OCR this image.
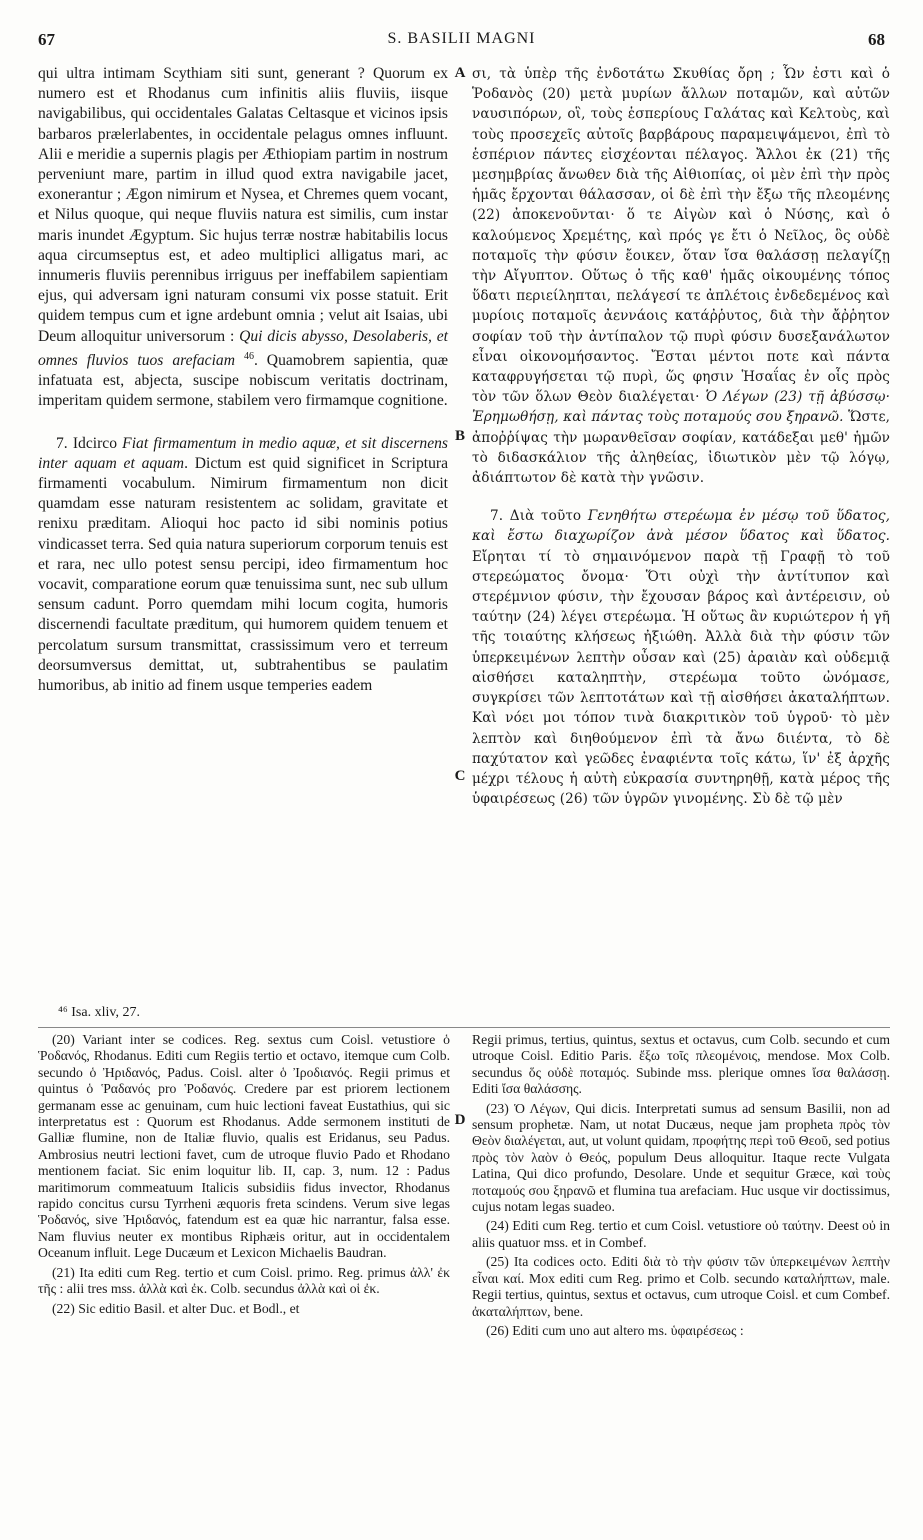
67	S. BASILII MAGNI	68

qui ultra intimam Scythiam siti sunt, generant ? Quorum ex numero est et Rhodanus cum infinitis aliis fluviis, iisque navigabilibus, qui occidentales Galatas Celtasque et vicinos ipsis barbaros prælerlabentes, in occidentale pelagus omnes influunt. Alii e meridie a supernis plagis per Æthiopiam partim in nostrum perveniunt mare, partim in illud quod extra navigabile jacet, exonerantur ; Ægon nimirum et Nysea, et Chremes quem vocant, et Nilus quoque, qui neque fluviis natura est similis, cum instar maris inundet Ægyptum. Sic hujus terræ nostræ habitabilis locus aqua circumseptus est, et adeo multiplici alligatus mari, ac innumeris fluviis perennibus irriguus per ineffabilem sapientiam ejus, qui adversam igni naturam consumi vix posse statuit. Erit quidem tempus cum et igne ardebunt omnia ; velut ait Isaias, ubi Deum alloquitur universorum : Qui dicis abysso, Desolaberis, et omnes fluvios tuos arefaciam $^{46}$. Quamobrem sapientia, quæ infatuata est, abjecta, suscipe nobiscum veritatis doctrinam, imperitam quidem sermone, stabilem vero firmamque cognitione.

7. Idcirco Fiat firmamentum in medio aquæ, et sit discernens inter aquam et aquam. Dictum est quid significet in Scriptura firmamenti vocabulum. Nimirum firmamentum non dicit quamdam esse naturam resistentem ac solidam, gravitate et renixu præditam. Alioqui hoc pacto id sibi nominis potius vindicasset terra. Sed quia natura superiorum corporum tenuis est et rara, nec ullo potest sensu percipi, ideo firmamentum hoc vocavit, comparatione eorum quæ tenuissima sunt, nec sub ullum sensum cadunt. Porro quemdam mihi locum cogita, humoris discernendi facultate præditum, qui humorem quidem tenuem et percolatum sursum transmittat, crassissimum vero et terreum deorsumversus demittat, ut, subtrahentibus se paulatim humoribus, ab initio ad finem usque temperies eadem

σι, τὰ ὑπὲρ τῆς ἐνδοτάτω Σκυθίας ὄρη ; Ὧν ἐστι καὶ ὁ Ῥοδανὸς (20) μετὰ μυρίων ἄλλων ποταμῶν, καὶ αὐτῶν ναυσιπόρων, οἳ, τοὺς ἑσπερίους Γαλάτας καὶ Κελτοὺς, καὶ τοὺς προσεχεῖς αὐτοῖς βαρβάρους παραμειψάμενοι, ἐπὶ τὸ ἑσπέριον πάντες εἰσχέονται πέλαγος. Ἄλλοι ἐκ (21) τῆς μεσημβρίας ἄνωθεν διὰ τῆς Αἰθιοπίας, οἱ μὲν ἐπὶ τὴν πρὸς ἡμᾶς ἔρχονται θάλασσαν, οἱ δὲ ἐπὶ τὴν ἔξω τῆς πλεομένης (22) ἀποκενοῦνται· ὅ τε Αἰγὼν καὶ ὁ Νύσης, καὶ ὁ καλούμενος Χρεμέτης, καὶ πρός γε ἔτι ὁ Νεῖλος, ὃς οὐδὲ ποταμοῖς τὴν φύσιν ἔοικεν, ὅταν ἴσα θαλάσσῃ πελαγίζῃ τὴν Αἴγυπτον. Οὕτως ὁ τῆς καθ' ἡμᾶς οἰκουμένης τόπος ὕδατι περιείληπται, πελάγεσί τε ἀπλέτοις ἐνδεδεμένος καὶ μυρίοις ποταμοῖς ἀεννάοις κατάῤῥυτος, διὰ τὴν ἄῤῥητον σοφίαν τοῦ τὴν ἀντίπαλον τῷ πυρὶ φύσιν δυσεξανάλωτον εἶναι οἰκονομήσαντος. Ἔσται μέντοι ποτε καὶ πάντα καταφρυγήσεται τῷ πυρὶ, ὥς φησιν Ἡσαΐας ἐν οἷς πρὸς τὸν τῶν ὅλων Θεὸν διαλέγεται· Ὁ Λέγων (23) τῇ ἀβύσσῳ· Ἐρημωθήσῃ, καὶ πάντας τοὺς ποταμούς σου ξηρανῶ. Ὥστε, ἀποῤῥίψας τὴν μωρανθεῖσαν σοφίαν, κατάδεξαι μεθ' ἡμῶν τὸ διδασκάλιον τῆς ἀληθείας, ἰδιωτικὸν μὲν τῷ λόγῳ, ἀδιάπτωτον δὲ κατὰ τὴν γνῶσιν.

7. Διὰ τοῦτο Γενηθήτω στερέωμα ἐν μέσῳ τοῦ ὕδατος, καὶ ἔστω διαχωρίζον ἀνὰ μέσον ὕδατος καὶ ὕδατος. Εἴρηται τί τὸ σημαινόμενον παρὰ τῇ Γραφῇ τὸ τοῦ στερεώματος ὄνομα· Ὅτι οὐχὶ τὴν ἀντίτυπον καὶ στερέμνιον φύσιν, τὴν ἔχουσαν βάρος καὶ ἀντέρεισιν, οὐ ταύτην (24) λέγει στερέωμα. Ἡ οὕτως ἂν κυριώτερον ἡ γῆ τῆς τοιαύτης κλήσεως ἠξιώθη. Ἀλλὰ διὰ τὴν φύσιν τῶν ὑπερκειμένων λεπτὴν οὖσαν καὶ (25) ἀραιὰν καὶ οὐδεμιᾷ αἰσθήσει καταληπτὴν, στερέωμα τοῦτο ὠνόμασε, συγκρίσει τῶν λεπτοτάτων καὶ τῇ αἰσθήσει ἀκαταλήπτων. Καὶ νόει μοι τόπον τινὰ διακριτικὸν τοῦ ὑγροῦ· τὸ μὲν λεπτὸν καὶ διηθούμενον ἐπὶ τὰ ἄνω διιέντα, τὸ δὲ παχύτατον καὶ γεῶδες ἐναφιέντα τοῖς κάτω, ἵν' ἐξ ἀρχῆς μέχρι τέλους ἡ αὐτὴ εὐκρασία συντηρηθῇ, κατὰ μέρος τῆς ὑφαιρέσεως (26) τῶν ὑγρῶν γινομένης. Σὺ δὲ τῷ μὲν

A
B
C
D
⁴⁶ Isa. xliv, 27.

(20) Variant inter se codices. Reg. sextus cum Coisl. vetustiore ὁ Ῥοδανός, Rhodanus. Editi cum Regiis tertio et octavo, itemque cum Colb. secundo ὁ Ἠριδανός, Padus. Coisl. alter ὁ Ἰροδιανός. Regii primus et quintus ὁ Ῥαδανός pro Ῥοδανός. Credere par est priorem lectionem germanam esse ac genuinam, cum huic lectioni faveat Eustathius, qui sic interpretatus est : Quorum est Rhodanus. Adde sermonem instituti de Galliæ flumine, non de Italiæ fluvio, qualis est Eridanus, seu Padus. Ambrosius neutri lectioni favet, cum de utroque fluvio Pado et Rhodano mentionem faciat. Sic enim loquitur lib. II, cap. 3, num. 12 : Padus maritimorum commeatuum Italicis subsidiis fidus invector, Rhodanus rapido concitus cursu Tyrrheni æquoris freta scindens. Verum sive legas Ῥοδανός, sive Ἠριδανός, fatendum est ea quæ hic narrantur, falsa esse. Nam fluvius neuter ex montibus Riphæis oritur, aut in occidentalem Oceanum influit. Lege Ducæum et Lexicon Michaelis Baudran.

(21) Ita editi cum Reg. tertio et cum Coisl. primo. Reg. primus ἀλλ' ἐκ τῆς : alii tres mss. ἀλλὰ καὶ ἐκ. Colb. secundus ἀλλὰ καὶ οἱ ἐκ.

(22) Sic editio Basil. et alter Duc. et Bodl., et

Regii primus, tertius, quintus, sextus et octavus, cum Colb. secundo et cum utroque Coisl. Editio Paris. ἔξω τοῖς πλεομένοις, mendose. Mox Colb. secundus ὅς οὐδὲ ποταμός. Subinde mss. plerique omnes ἴσα θαλάσσῃ. Editi ἴσα θαλάσσης.

(23) Ὁ Λέγων, Qui dicis. Interpretati sumus ad sensum Basilii, non ad sensum prophetæ. Nam, ut notat Ducæus, neque jam propheta πρὸς τὸν Θεὸν διαλέγεται, aut, ut volunt quidam, προφήτης περὶ τοῦ Θεοῦ, sed potius πρὸς τὸν λαὸν ὁ Θεός, populum Deus alloquitur. Itaque recte Vulgata Latina, Qui dico profundo, Desolare. Unde et sequitur Græce, καὶ τοὺς ποταμούς σου ξηρανῶ et flumina tua arefaciam. Huc usque vir doctissimus, cujus notam legas suadeo.

(24) Editi cum Reg. tertio et cum Coisl. vetustiore οὐ ταύτην. Deest οὐ in aliis quatuor mss. et in Combef.

(25) Ita codices octo. Editi διὰ τὸ τὴν φύσιν τῶν ὑπερκειμένων λεπτὴν εἶναι καί. Mox editi cum Reg. primo et Colb. secundo καταλήπτων, male. Regii tertius, quintus, sextus et octavus, cum utroque Coisl. et cum Combef. ἀκαταλήπτων, bene.

(26) Editi cum uno aut altero ms. ὑφαιρέσεως :
